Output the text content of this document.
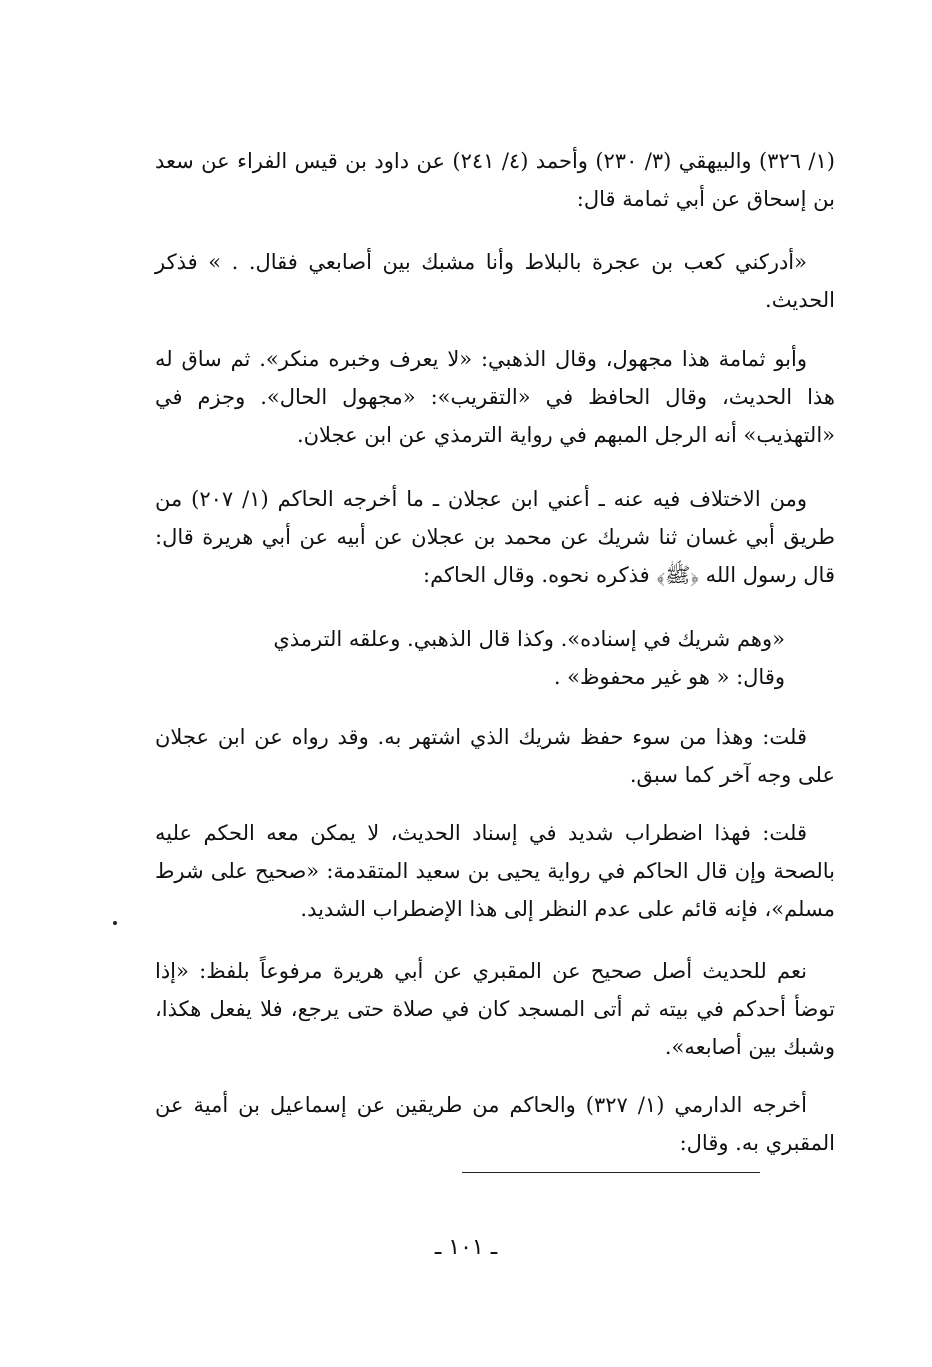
(١/ ٣٢٦) والبيهقي (٣/ ٢٣٠) وأحمد (٤/ ٢٤١) عن داود بن قيس الفراء عن سعد بن إسحاق عن أبي ثمامة قال:

«أدركني كعب بن عجرة بالبلاط وأنا مشبك بين أصابعي فقال. . » فذكر الحديث.

وأبو ثمامة هذا مجهول، وقال الذهبي: «لا يعرف وخبره منكر». ثم ساق له هذا الحديث، وقال الحافظ في «التقريب»: «مجهول الحال». وجزم في «التهذيب» أنه الرجل المبهم في رواية الترمذي عن ابن عجلان.

ومن الاختلاف فيه عنه ـ أعني ابن عجلان ـ ما أخرجه الحاكم (١/ ٢٠٧) من طريق أبي غسان ثنا شريك عن محمد بن عجلان عن أبيه عن أبي هريرة قال: قال رسول الله ﴿ﷺ﴾ فذكره نحوه. وقال الحاكم:

«وهم شريك في إسناده». وكذا قال الذهبي. وعلقه الترمذي وقال: « هو غير محفوظ» .

قلت: وهذا من سوء حفظ شريك الذي اشتهر به. وقد رواه عن ابن عجلان على وجه آخر كما سبق.

قلت: فهذا اضطراب شديد في إسناد الحديث، لا يمكن معه الحكم عليه بالصحة وإن قال الحاكم في رواية يحيى بن سعيد المتقدمة: «صحيح على شرط مسلم»، فإنه قائم على عدم النظر إلى هذا الإضطراب الشديد.

نعم للحديث أصل صحيح عن المقبري عن أبي هريرة مرفوعاً بلفظ: «إذا توضأ أحدكم في بيته ثم أتى المسجد كان في صلاة حتى يرجع، فلا يفعل هكذا، وشبك بين أصابعه».

أخرجه الدارمي (١/ ٣٢٧) والحاكم من طريقين عن إسماعيل بن أمية عن المقبري به. وقال:

ـ ١٠١ ـ
